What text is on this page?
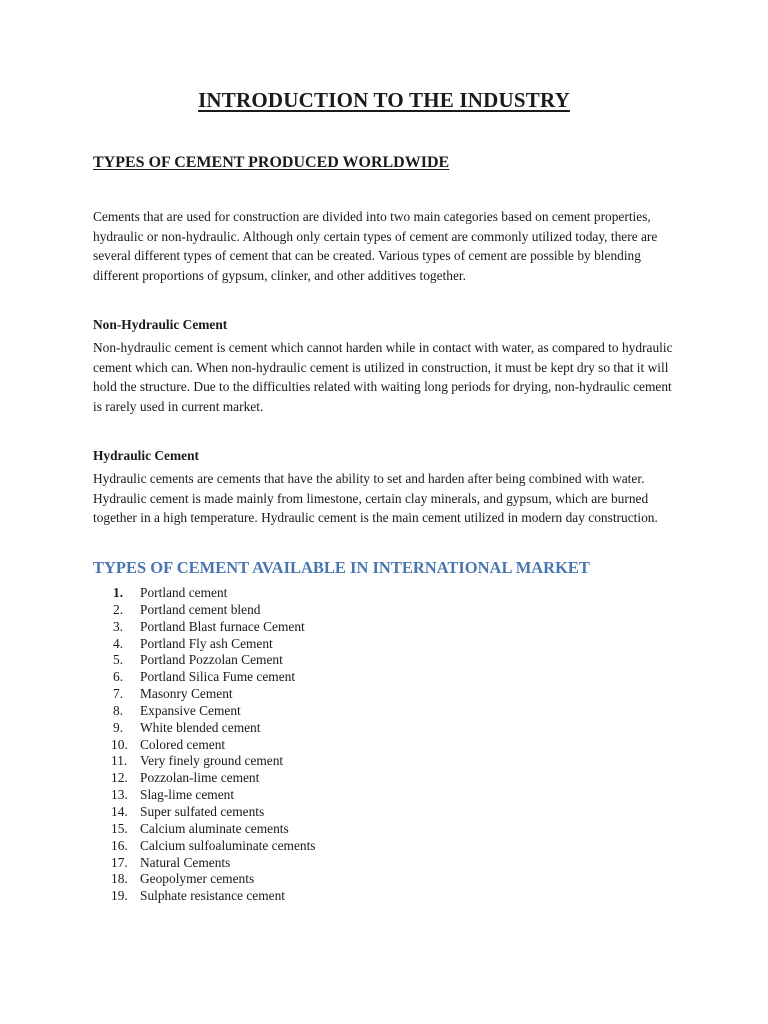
INTRODUCTION TO THE INDUSTRY
TYPES OF CEMENT PRODUCED WORLDWIDE

Cements that are used for construction are divided into two main categories based on cement properties, hydraulic or non-hydraulic. Although only certain types of cement are commonly utilized today, there are several different types of cement that can be created. Various types of cement are possible by blending different proportions of gypsum, clinker, and other additives together.

Non-Hydraulic Cement

Non-hydraulic cement is cement which cannot harden while in contact with water, as compared to hydraulic cement which can. When non-hydraulic cement is utilized in construction, it must be kept dry so that it will hold the structure. Due to the difficulties related with waiting long periods for drying, non-hydraulic cement is rarely used in current market.

Hydraulic Cement

Hydraulic cements are cements that have the ability to set and harden after being combined with water. Hydraulic cement is made mainly from limestone, certain clay minerals, and gypsum, which are burned together in a high temperature. Hydraulic cement is the main cement utilized in modern day construction.

TYPES OF CEMENT AVAILABLE IN INTERNATIONAL MARKET
1.	Portland cement
2.	Portland cement blend
3.	Portland Blast furnace Cement
4.	Portland Fly ash Cement
5.	Portland Pozzolan Cement
6.	Portland Silica Fume cement
7.	Masonry Cement
8.	Expansive Cement
9.	White blended cement
10. Colored cement
11. Very finely ground cement
12. Pozzolan-lime cement
13. Slag-lime cement
14. Super sulfated cements
15. Calcium aluminate cements
16. Calcium sulfoaluminate cements
17. Natural Cements
18. Geopolymer cements
19. Sulphate resistance cement
